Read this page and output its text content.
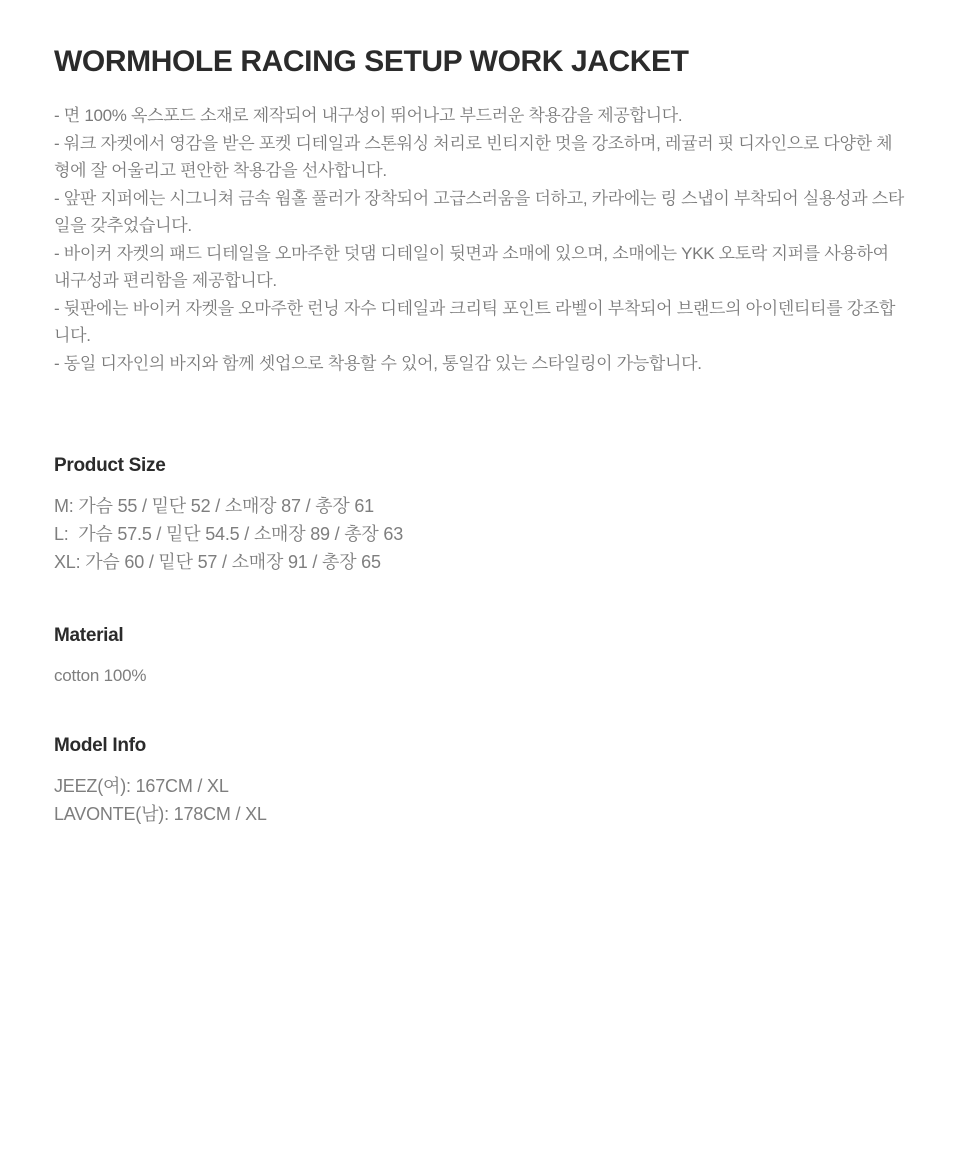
WORMHOLE RACING SETUP WORK JACKET
- 면 100% 옥스포드 소재로 제작되어 내구성이 뛰어나고 부드러운 착용감을 제공합니다.
- 워크 자켓에서 영감을 받은 포켓 디테일과 스톤워싱 처리로 빈티지한 멋을 강조하며, 레귤러 핏 디자인으로 다양한 체형에 잘 어울리고 편안한 착용감을 선사합니다.
- 앞판 지퍼에는 시그니쳐 금속 웜홀 풀러가 장착되어 고급스러움을 더하고, 카라에는 링 스냅이 부착되어 실용성과 스타일을 갖추었습니다.
- 바이커 자켓의 패드 디테일을 오마주한 덧댐 디테일이 뒷면과 소매에 있으며, 소매에는 YKK 오토락 지퍼를 사용하여 내구성과 편리함을 제공합니다.
- 뒷판에는 바이커 자켓을 오마주한 런닝 자수 디테일과 크리틱 포인트 라벨이 부착되어 브랜드의 아이덴티티를 강조합니다.
- 동일 디자인의 바지와 함께 셋업으로 착용할 수 있어, 통일감 있는 스타일링이 가능합니다.
Product Size
M: 가슴 55 / 밑단 52 / 소매장 87 / 총장 61
L:  가슴 57.5 / 밑단 54.5 / 소매장 89 / 총장 63
XL: 가슴 60 / 밑단 57 / 소매장 91 / 총장 65
Material
cotton 100%
Model Info
JEEZ(여): 167CM / XL
LAVONTE(남): 178CM / XL
